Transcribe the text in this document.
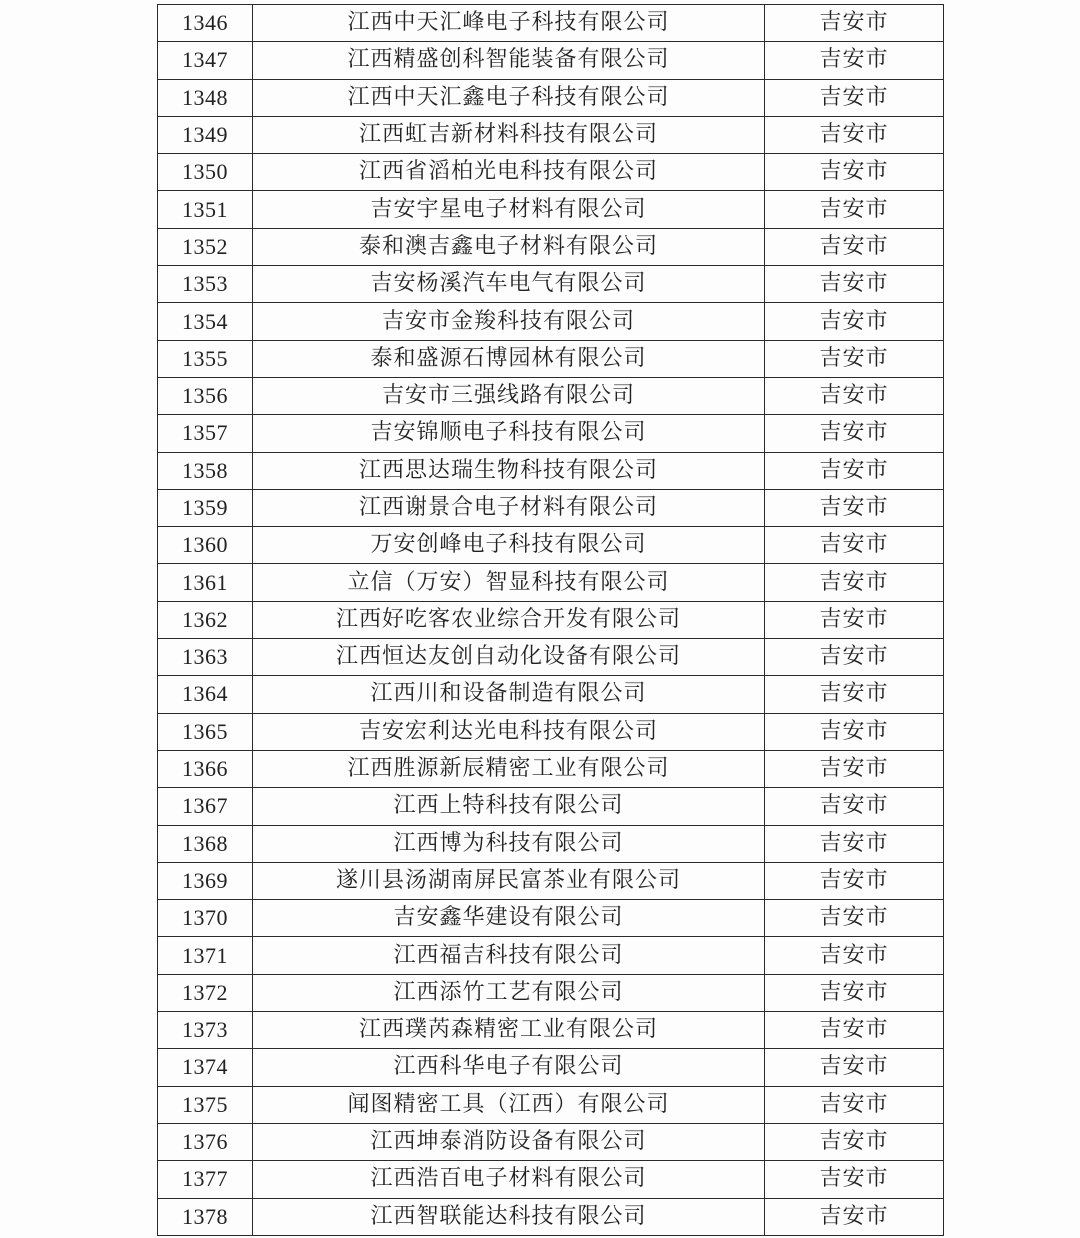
1346	江西中天汇峰电子科技有限公司	吉安市
1347	江西精盛创科智能装备有限公司	吉安市
1348	江西中天汇鑫电子科技有限公司	吉安市
1349	江西虹吉新材料科技有限公司	吉安市
1350	江西省滔柏光电科技有限公司	吉安市
1351	吉安宇星电子材料有限公司	吉安市
1352	泰和澳吉鑫电子材料有限公司	吉安市
1353	吉安杨溪汽车电气有限公司	吉安市
1354	吉安市金羧科技有限公司	吉安市
1355	泰和盛源石博园林有限公司	吉安市
1356	吉安市三强线路有限公司	吉安市
1357	吉安锦顺电子科技有限公司	吉安市
1358	江西思达瑞生物科技有限公司	吉安市
1359	江西谢景合电子材料有限公司	吉安市
1360	万安创峰电子科技有限公司	吉安市
1361	立信（万安）智显科技有限公司	吉安市
1362	江西好吃客农业综合开发有限公司	吉安市
1363	江西恒达友创自动化设备有限公司	吉安市
1364	江西川和设备制造有限公司	吉安市
1365	吉安宏利达光电科技有限公司	吉安市
1366	江西胜源新辰精密工业有限公司	吉安市
1367	江西上特科技有限公司	吉安市
1368	江西博为科技有限公司	吉安市
1369	遂川县汤湖南屏民富茶业有限公司	吉安市
1370	吉安鑫华建设有限公司	吉安市
1371	江西福吉科技有限公司	吉安市
1372	江西添竹工艺有限公司	吉安市
1373	江西璞芮森精密工业有限公司	吉安市
1374	江西科华电子有限公司	吉安市
1375	闻图精密工具（江西）有限公司	吉安市
1376	江西坤泰消防设备有限公司	吉安市
1377	江西浩百电子材料有限公司	吉安市
1378	江西智联能达科技有限公司	吉安市
